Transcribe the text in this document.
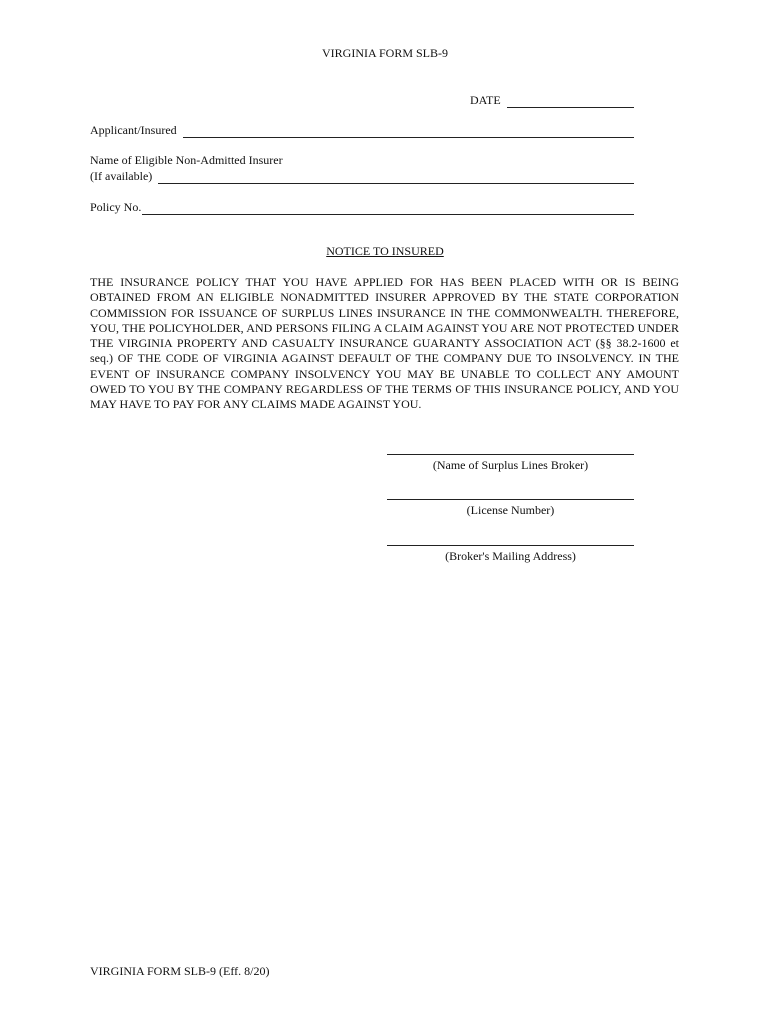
VIRGINIA FORM SLB-9
DATE
Applicant/Insured
Name of Eligible Non-Admitted Insurer
(If available)
Policy No.
NOTICE TO INSURED
THE INSURANCE POLICY THAT YOU HAVE APPLIED FOR HAS BEEN PLACED WITH OR IS BEING OBTAINED FROM AN ELIGIBLE NONADMITTED INSURER APPROVED BY THE STATE CORPORATION COMMISSION FOR ISSUANCE OF SURPLUS LINES INSURANCE IN THE COMMONWEALTH. THEREFORE, YOU, THE POLICYHOLDER, AND PERSONS FILING A CLAIM AGAINST YOU ARE NOT PROTECTED UNDER THE VIRGINIA PROPERTY AND CASUALTY INSURANCE GUARANTY ASSOCIATION ACT (§§ 38.2-1600 et seq.) OF THE CODE OF VIRGINIA AGAINST DEFAULT OF THE COMPANY DUE TO INSOLVENCY. IN THE EVENT OF INSURANCE COMPANY INSOLVENCY YOU MAY BE UNABLE TO COLLECT ANY AMOUNT OWED TO YOU BY THE COMPANY REGARDLESS OF THE TERMS OF THIS INSURANCE POLICY, AND YOU MAY HAVE TO PAY FOR ANY CLAIMS MADE AGAINST YOU.
(Name of Surplus Lines Broker)
(License Number)
(Broker's Mailing Address)
VIRGINIA FORM SLB-9 (Eff. 8/20)
